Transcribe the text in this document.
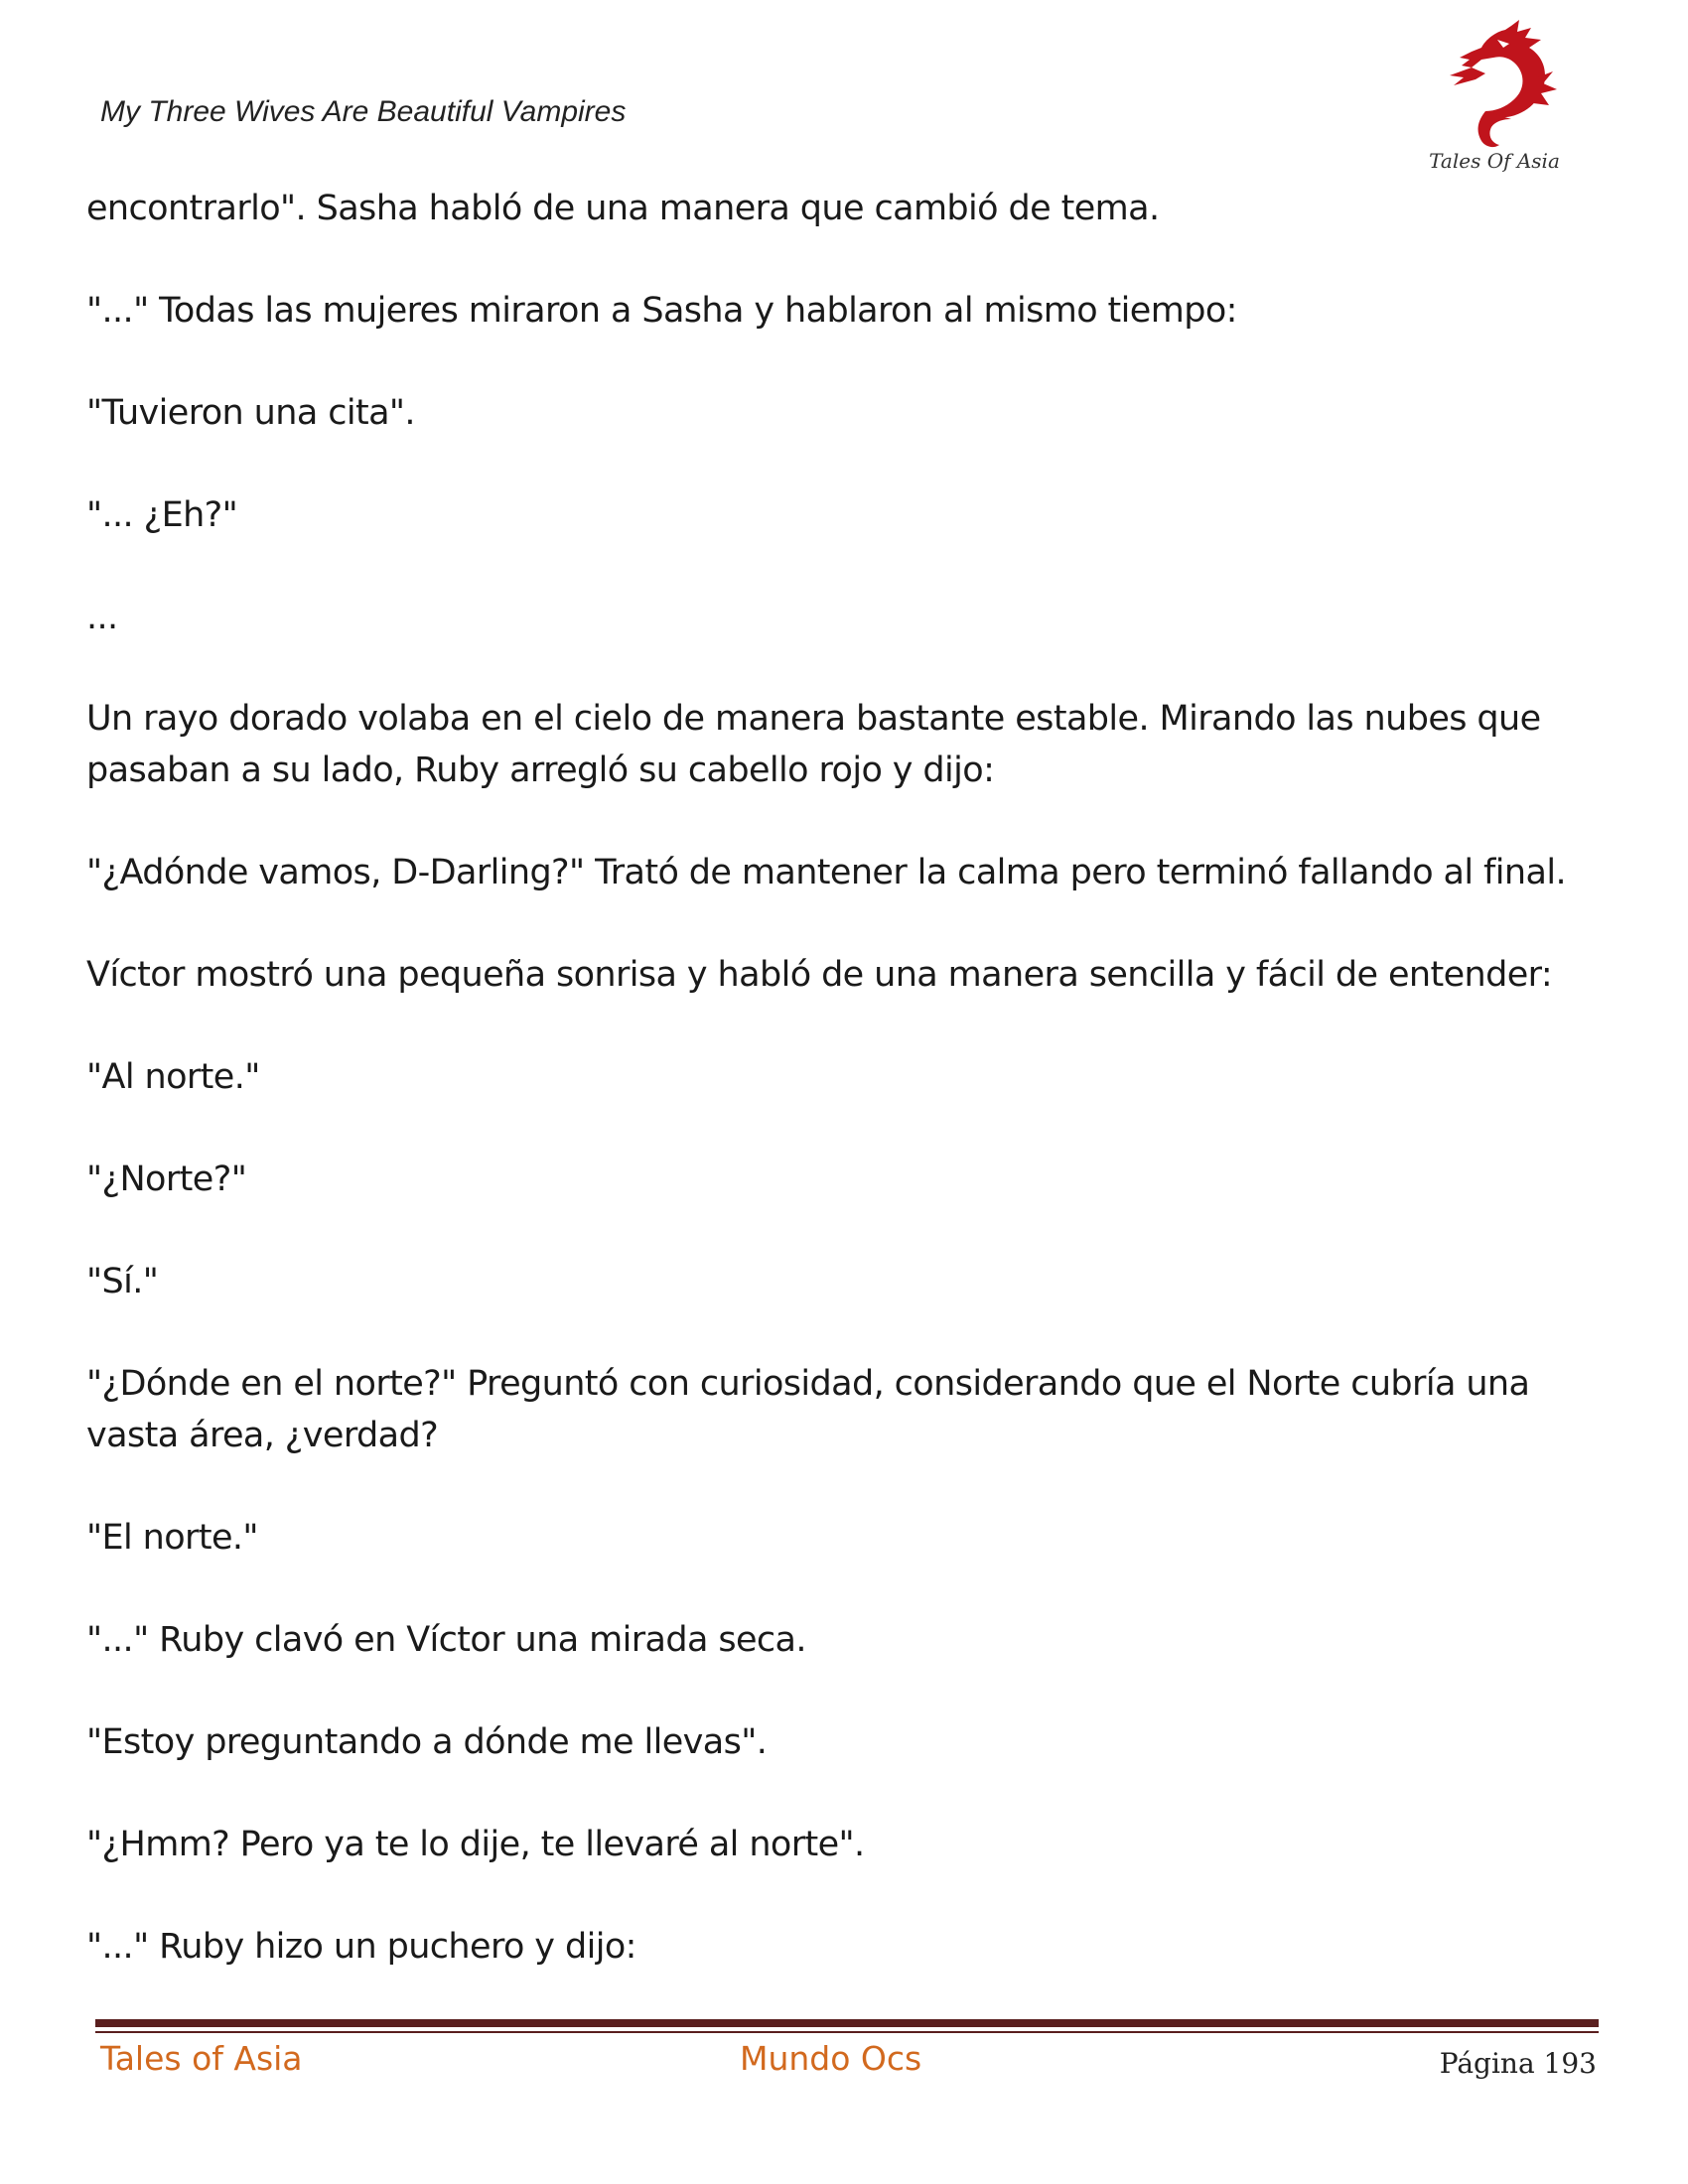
My Three Wives Are Beautiful Vampires
Tales Of Asia
encontrarlo". Sasha habló de una manera que cambió de tema.
"..." Todas las mujeres miraron a Sasha y hablaron al mismo tiempo:
"Tuvieron una cita".
"... ¿Eh?"
...
Un rayo dorado volaba en el cielo de manera bastante estable. Mirando las nubes que
pasaban a su lado, Ruby arregló su cabello rojo y dijo:
"¿Adónde vamos, D-Darling?" Trató de mantener la calma pero terminó fallando al final.
Víctor mostró una pequeña sonrisa y habló de una manera sencilla y fácil de entender:
"Al norte."
"¿Norte?"
"Sí."
"¿Dónde en el norte?" Preguntó con curiosidad, considerando que el Norte cubría una
vasta área, ¿verdad?
"El norte."
"..." Ruby clavó en Víctor una mirada seca.
"Estoy preguntando a dónde me llevas".
"¿Hmm? Pero ya te lo dije, te llevaré al norte".
"..." Ruby hizo un puchero y dijo:
Tales of Asia	Mundo Ocs	Página 193
